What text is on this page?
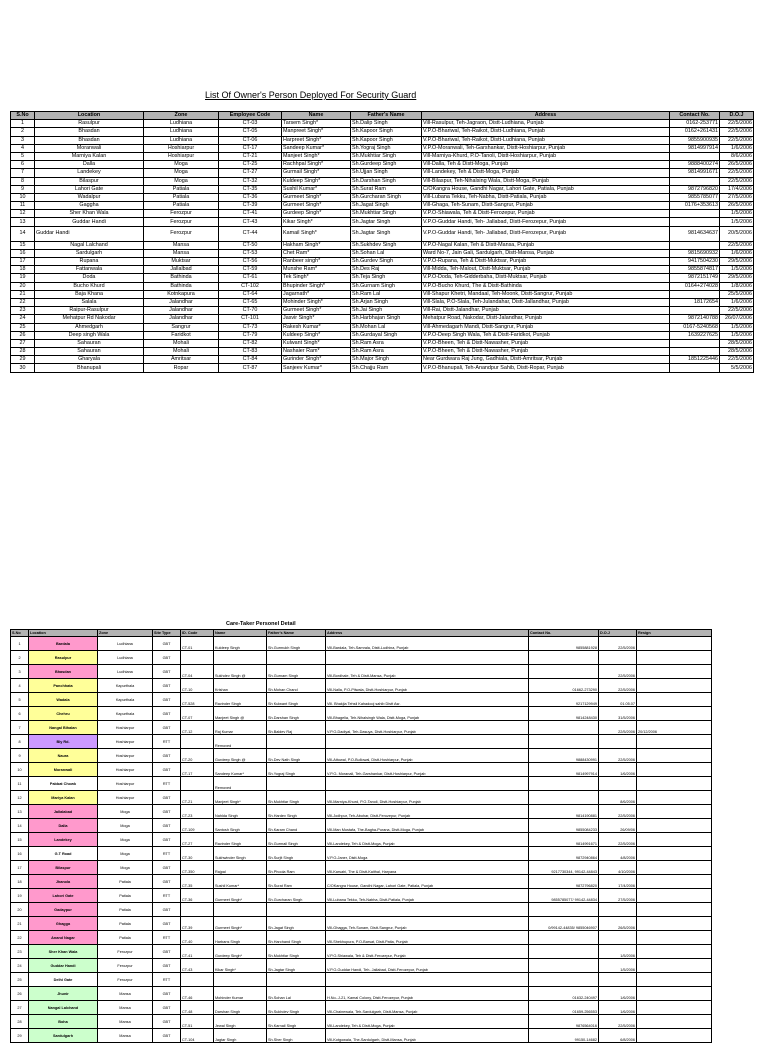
List Of Owner's Person Deployed For Security Guard
S.No	Location	Zone	Employee Code	Name	Father's Name	Address	Contact No.	D.O.J
1	Rasulpur	Ludhiana	CT-03	Tarsem Singh*	Sh.Dalip Singh	Vill-Rasulpur, Teh-Jagraon, Distt-Ludhiana, Punjab	0162-253771	22/5/2006
2	Bhasdan	Ludhiana	CT-05	Manpreet Singh*	Sh.Kapoor Singh	V.P.O-Bhariwal, Teh-Raikot, Distt-Ludhiana, Punjab	0162+261431	22/5/2006
3	Bhasdan	Ludhiana	CT-06	Harpreet Singh*	Sh.Kapoor Singh	V.P.O-Bhariwal, Teh-Raikot, Distt-Ludhiana, Punjab	9855900935	22/5/2006
4	Moranwali	Hoshiarpur	CT-17	Sandeep Kumar*	Sh.Yograj Singh	V.P.O-Moranwali, Teh-Garshankar, Distt-Hoshiarpur, Punjab	9814997914	1/6/2006
5	Marniya Kalan	Hoshiarpur	CT-21	Manjeet Singh*	Sh.Mukhtiar Singh	Vill-Marniya-Khurd, P.O-Tanoli, Distt-Hoshiarpur, Punjab		8/6/2006
6	Dalla	Moga	CT-25	Rachhpal Singh*	Sh.Gurdeep Singh	Vill-Dalla, Teh & Distt-Moga, Punjab	9888400274	26/5/2006
7	Landekey	Moga	CT-27	Gurmail Singh*	Sh.Ujjan Singh	Vill-Landekey, Teh & Distt-Moga, Punjab	9814991671	22/5/2006
8	Bilaspur	Moga	CT-32	Kuldeep Singh*	Sh.Darshan Singh	Vill-Bilaspur, Teh-Nihalsing Wala, Distt-Moga, Punjab		22/5/2006
9	Lahori Gate	Patiala	CT-35	Sushil Kumar*	Sh.Surat Ram	C/OKangra House, Gandhi Nagar, Lahori Gate, Patiala, Punjab	9872796820	17/4/2006
10	Wadalpur	Patiala	CT-36	Gurmeet Singh*	Sh.Gurcharan Singh	Vill-Lubana Tekku, Teh-Nabha, Distt-Patiala, Punjab	9855785077	27/5/2006
11	Gaggha	Patiala	CT-39	Gurmeet Singh*	Sh.Jagat Singh	Vill-Ghaga, Teh-Sunam, Distt-Sangrur, Punjab	0176+353613	26/5/2006
12	Sher Khan Wala	Ferozpur	CT-41	Gurdeep Singh*	Sh.Mukhtiar Singh	V.P.O-Shiawala, Teh & Distt-Ferozepur, Punjab		1/5/2006
13	Guddar Handi	Ferozpur	CT-43	Kikar Singh*	Sh.Jagtar Singh	V.P.O-Guddar Handi, Teh- Jallabad, Distt-Ferozepur, Punjab		1/5/2006
14	Guddar Handi	Ferozpur	CT-44	Kamail Singh*	Sh.Jagtar Singh	V.P.O-Guddar Handi, Teh- Jallabad, Distt-Ferozepur, Punjab	9814634637	20/5/2006
15	Nagal Lalchand	Mansa	CT-50	Hakham Singh*	Sh.Sukhdev Singh	V.P.O-Nagal Kalan, Teh & Distt-Mansa, Punjab		22/5/2006
16	Sardulgarh	Mansa	CT-53	Chet Ram*	Sh.Sohan Lal	Ward No-7, Jain Gali, Sardulgarh, Distt-Mansa, Punjab	9815690932	1/6/2006
17	Rupana	Muktsar	CT-56	Ranbeer singh*	Sh.Gurdev Singh	V.P.O-Rupana, Teh & Distt-Muktsar, Punjab	9417504230	29/5/2006
18	Fattanwala	Jallalbad	CT-59	Munshe Ram*	Sh.Des Raj	Vill-Midda, Teh-Malout, Distt-Muktsar, Punjab	9855874817	1/5/2006
19	Doda	Bathinda	CT-61	Tek Singh*	Sh.Teja Singh	V.P.O-Doda, Teh-Gidderbaha, Distt-Muktsar, Punjab	9872151749	29/5/2006
20	Bucho Khurd	Bathinda	CT-102	Bhupinder Singh*	Sh.Gurnam Singh	V.P.O-Bucho Khurd, The & Distt-Bathinda	0164+274028	1/8/2006
21	Baja Khana	Kotnkapura	CT-64	Jagarnath*	Sh.Ram Lal	Vill-Shapur Khetri, Mandaal, Teh-Moonk, Distt-Sangrur, Punjab		25/5/2006
22	Salala	Jalandhar	CT-65	Mohinder Singh*	Sh.Arjan Singh	Vill-Slala, P.O-Slala, Teh-Julandahar, Distt-Jallandhar, Punjab	18172654	1/6/2006
23	Raipur-Rasulpur	Jalandhar	CT-70	Gurmeet Singh*	Sh.Jai Singh	Vill-Rai, Distt-Jalandhar, Punjab		22/5/2006
24	Mehatpur Rd Nakodar	Jalandhar	CT-101	Jasvir Singh*	Sh.Harbhajan Singh	Mehatpur Road, Nakodar, Distt-Jalandhar, Punjab	9872140788	26/07/2006
25	Ahmedgarh	Sangrur	CT-73	Rakesh Kumar*	Sh.Mohan Lal	Vill-Ahmedagarh Mandi, Distt-Sangrur, Punjab	0167-5240568	1/5/2006
26	Deep singh Wala	Faridkot	CT-79	Kuldeep Singh*	Sh.Gurdayal Singh	V.P.O-Deep Singh Wala, Teh & Distt-Faridkot, Punjab	1639227625	1/5/2006
27	Sahauran	Mohali	CT-82	Kulwant Singh*	Sh.Ram Asra	V.P.O-Bheen, Teh & Distt-Nawasher, Punjab		28/5/2006
28	Sahauran	Mohali	CT-83	Nashaier Ram*	Sh.Ram Asra	V.P.O-Bheen, Teh & Distt-Nawasher, Punjab		28/5/2006
29	Gharyala	Amritsar	CT-84	Gurinder Singh*	Sh.Major Singh	Near Gurdwara Raj Jung, Gadhiala, Distt-Amritsar, Punjab	1851225446	22/5/2006
30	Bhanupali	Ropar	CT-87	Sanjeev Kumar*	Sh.Chajju Ram	V.P.O-Bhanupali, Teh-Anandpur Sahib, Distt-Ropar, Punjab		5/5/2006
Care-Taker Personel Detail
S.No	Location	Zone	Site Type	ID. Code	Name	Father's Name	Address	Contact No.	D.O.J	Resign
1	Bardala	Ludhiana	GBT	CT-01	Kuldeep Singh	Sh.Gurmukh Singh	Vill-Bardala, Teh-Samrala, Distt-Ludhina, Punjab	9855881928	22/5/2006	
2	Rasulpur	Ludhiana	GBT							
3	Bhasdan	Ludhiana	GBT	CT-04	Sukhdev Singh @	Sh.Gurnam Singh	Vill-Bordhale, Teh & Distt-Mansa, Punjab		22/5/2006	
4	Panchhata	Kapurthala	GBT	CT-10	Krishan	Sh.Mohan Chand	Vill-Nalla, P.O-Pitwala, Distt-Hoshiarpur, Punjab	01662-273290	22/5/2006	
5	Wadala	Kapurthala	GBT	CT-528	Ravinder Singh	Sh Kulwant Singh	Vill. Bhakjia Tehsil Kahadooj sahib Distt Asr.	9217129949	01.05.07	
6	Chehru	Kapurthala	GBT	CT-07	Manjeet Singh @	Sh.Darshan Singh	Vill-Bhagelia, Teh-Nihalsingh Wala, Distt-Moga, Punjab	9814248430	31/5/2006	
7	Nangal Bihalan	Hoshiarpur	GBT	CT-12	Raj Kumar	Sh.Baldev Raj	V.P.O-Dadiyal, Teh-Dasuya, Distt-Hoshiarpur, Punjab		22/5/2006	20/12/2006
8	Bly Rd.	Hoshiarpur	RTT		Removed					
9	Naura	Hoshiarpur	GBT	CT-20	Gurdeep Singh @	Sh.Dev Nath Singh	Vill-Attowal, P.O-Bullowal, Distt-Hoshiarpur, Punjab	9888430991	22/5/2006	
10	Moranwali	Hoshiarpur	GBT	CT-17	Sandeep Kumar*	Sh.Yograj Singh	V.P.O- Moranali, Teh-Garshankar, Distt-Hoshiarpur, Punjab	9814997914	1/6/2006	
11	Pabbat Chowk	Hoshiarpur	RTT		Removed					
12	Mariya Kalan	Hoshiarpur	GBT	CT-21	Manjeet Singh*	Sh.Mukhtiar Singh	Vill-Marniya-Khurd, P.O-Tanoli, Distt-Hoshiarpur, Punjab		8/6/2006	
13	Jallalabad	Moga	GBT	CT-23	Nahlda Singh	Sh.Hardev Singh	Vill-Jodhpur, Teh-Abohar, Distt-Ferozepur, Punjab	9814190881	22/5/2006	
14	Dalla	Moga	GBT	CT-109	Santosh Singh	Sh.Karam Chand	Vill-Man Mustafa, The-Bagha-Purana, Distt-Moga, Punjab	9855084233	26/09/06	
15	Landekey	Moga	GBT	CT-27	Ravinder Singh	Sh.Gurmail Singh	Vill-Landekey, Teh & Distt-Moga, Punjab	9814991671	22/5/2006	
16	G.T Road	Moga	RTT	CT-30	Sukhwinder Singh	Sh.Surjit Singh	V.P.O-Janer, Distt-Moga	9872940864	4/8/2006	
17	Bilaspur	Moga	GBT	CT-350	Rajpal	Sh.Phoola Ram	Vill-Karsahi, The & Distt-Kaithal, Haryana	9217730344, 99142-44843	4/10/2006	
18	Jhanola	Patiala	GBT	CT-35	Sushil Kumar*	Sh.Surat Ram	C/OKangra House, Gandhi Nagar, Lahori Gate, Patiala, Punjab	9872796820	17/4/2006	
19	Lahori Gate	Patiala	RTT	CT-36	Gurmeet Singh*	Sh.Gurcharan Singh	Vill-Lubana Tekku, Teh-Nabha, Distt-Patiala, Punjab	9855785077/ 99142-44834	27/5/2006	
20	Gadaypur	Patiala	GBT							
21	Ghagga	Patiala	GBT	CT-39	Gurmeet Singh*	Sh.Jagat Singh	Vill-Ghagga, Teh-Sunam, Distt-Sangrur, Punjab	0/99142-44835/ 9855046907	26/5/2006	
22	Anand Nagar	Patiala	RTT	CT-40	Harbans Singh	Sh.Harchand Singh	Vill-Shekhupura, P.O-Barsat, Distt-Patia, Punjab			
23	Sher Khan Wala	Ferozpur	GBT	CT-41	Gurdeep Singh*	Sh.Mukhtiar Singh	V.P.O-Shiawala, Teh & Distt-Ferozepur, Punjab		1/5/2006	
24	Guddar Handi	Ferozpur	GBT	CT-43	Kikar Singh*	Sh.Jagtar Singh	V.P.O-Guddar Handi, Teh- Jallabad, Distt-Ferozepur, Punjab		1/5/2006	
25	Delhi Gate	Ferozpur	RTT							
26	Jhunir	Mansa	GBT	CT-46	Mohinder Kumar	Sh.Sohan Lal	H.No-.J-21, Kamal Colony, Distt-Ferozepur, Punjab	01632-240497	1/6/2006	
27	Nangal Lalchand	Mansa	GBT	CT-48	Darshan Singh	Sh.Sukhdev Singh	Vill-Chainewala, Teh-Sardulgarh, Distt-Mansa, Punjab	01659-256553	1/6/2006	
28	Boha	Mansa	GBT	CT-51	Jewal Singh	Sh.Karnail Singh	Vill-Landekey, Teh & Distt-Moga, Punjab	9876564016	22/5/2006	
29	Sardulgarh	Mansa	GBT	CT-104	Jagtar Singh	Sh.Sher Singh	Vill-Kotgowala, The-Sardulgarh, Distt-Mansa, Punjab	99150-14682	6/8/2006	
